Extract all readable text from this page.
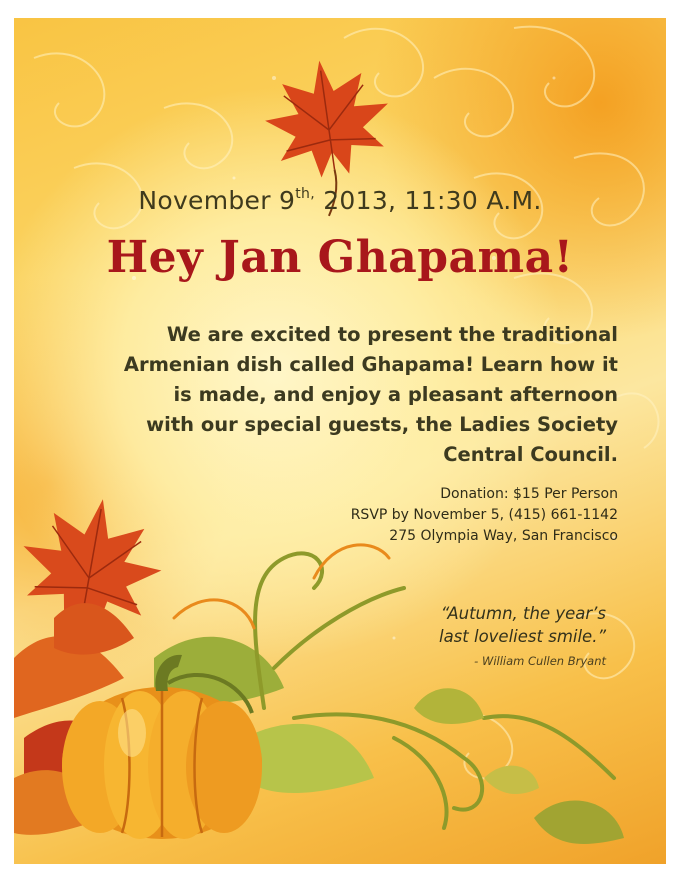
November $9^{th,}$ 2013, 11:30 A.M.
Hey Jan Ghapama!
We are excited to present the traditional
Armenian dish called Ghapama! Learn how it
is made, and enjoy a pleasant afternoon
with our special guests, the Ladies Society
Central Council.
Donation: $15 Per Person
RSVP by November 5, (415) 661-1142
275 Olympia Way, San Francisco
“Autumn, the year’s
last loveliest smile.”
- William Cullen Bryant
